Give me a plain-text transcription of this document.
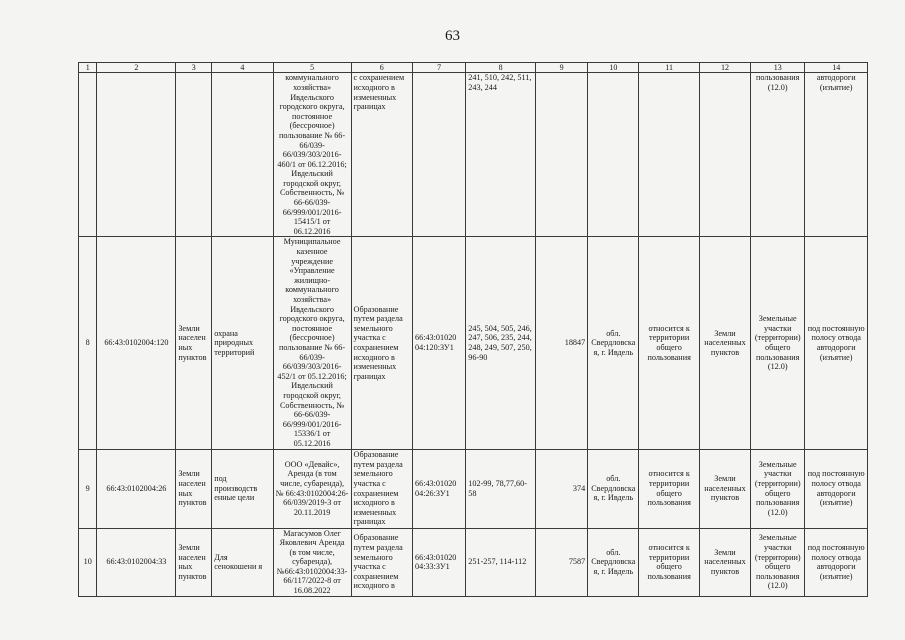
63
1	2	3	4	5	6	7	8	9	10	11	12	13	14
				коммунального хозяйства» Ивдельского городского округа, постоянное (бессрочное) пользование № 66-66/039-66/039/303/2016-460/1 от 06.12.2016; Ивдельский городской округ, Собственность, № 66-66/039-66/999/001/2016-15415/1 от 06.12.2016	с сохранением исходного в измененных границах		241, 510, 242, 511, 243, 244					пользования (12.0)	автодороги (изъятие)
8	66:43:0102004:120	Земли населен ных пунктов	охрана природных территорий	Муниципальное казенное учреждение «Управление жилищно-коммунального хозяйства» Ивдельского городского округа, постоянное (бессрочное) пользование № 66-66/039-66/039/303/2016-452/1 от 05.12.2016; Ивдельский городской округ, Собственность, № 66-66/039-66/999/001/2016-15336/1 от 05.12.2016	Образование путем раздела земельного участка с сохранением исходного в измененных границах	66:43:01020 04:120:ЗУ1	245, 504, 505, 246, 247, 506, 235, 244, 248, 249, 507, 250, 96-90	18847	обл. Свердловская, г. Ивдель	относится к территории общего пользования	Земли населенных пунктов	Земельные участки (территории) общего пользования (12.0)	под постоянную полосу отвода автодороги (изъятие)
9	66:43:0102004:26	Земли населен ных пунктов	под производств енные цели	ООО «Девайс», Аренда (в том числе, субаренда), № 66:43:0102004:26-66/039/2019-3 от 20.11.2019	Образование путем раздела земельного участка с сохранением исходного в измененных границах	66:43:01020 04:26:ЗУ1	102-99, 78,77,60-58	374	обл. Свердловская, г. Ивдель	относится к территории общего пользования	Земли населенных пунктов	Земельные участки (территории) общего пользования (12.0)	под постоянную полосу отвода автодороги (изъятие)
10	66:43:0102004:33	Земли населен ных пунктов	Для сенокошени я	Магасумов Олег Яковлевич Аренда (в том числе, субаренда), №66:43:0102004:33-66/117/2022-8 от 16.08.2022	Образование путем раздела земельного участка с сохранением исходного в	66:43:01020 04:33:ЗУ1	251-257, 114-112	7587	обл. Свердловская, г. Ивдель	относится к территории общего пользования	Земли населенных пунктов	Земельные участки (территории) общего пользования (12.0)	под постоянную полосу отвода автодороги (изъятие)
